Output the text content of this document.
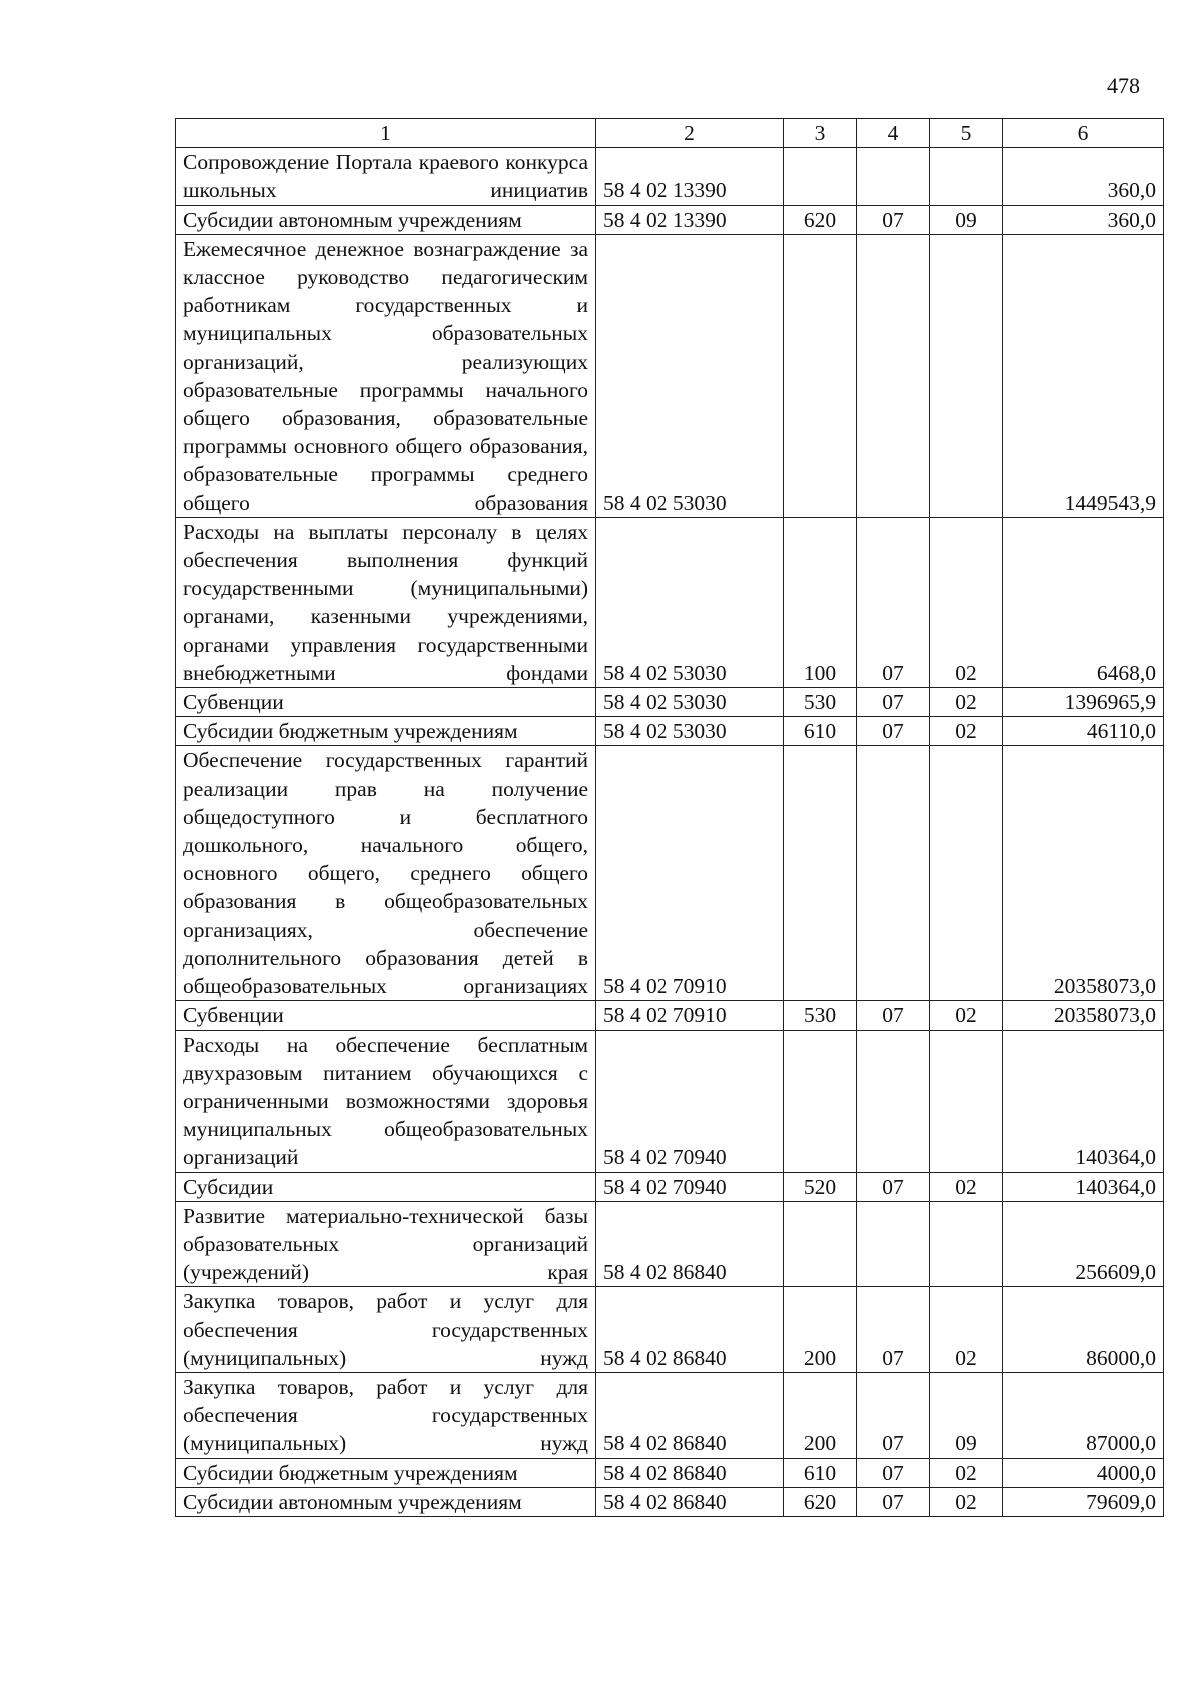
478
1	2	3	4	5	6
Сопровождение Портала краевого конкурса школьных инициатив	58 4 02 13390				360,0
Субсидии автономным учреждениям	58 4 02 13390	620	07	09	360,0
Ежемесячное денежное вознаграждение за классное руководство педагогическим работникам государственных и муниципальных образовательных организаций, реализующих образовательные программы начального общего образования, образовательные программы основного общего образования, образовательные программы среднего общего образования	58 4 02 53030				1449543,9
Расходы на выплаты персоналу в целях обеспечения выполнения функций государственными (муниципальными) органами, казенными учреждениями, органами управления государственными внебюджетными фондами	58 4 02 53030	100	07	02	6468,0
Субвенции	58 4 02 53030	530	07	02	1396965,9
Субсидии бюджетным учреждениям	58 4 02 53030	610	07	02	46110,0
Обеспечение государственных гарантий реализации прав на получение общедоступного и бесплатного дошкольного, начального общего, основного общего, среднего общего образования в общеобразовательных организациях, обеспечение дополнительного образования детей в общеобразовательных организациях	58 4 02 70910				20358073,0
Субвенции	58 4 02 70910	530	07	02	20358073,0
Расходы на обеспечение бесплатным двухразовым питанием обучающихся с ограниченными возможностями здоровья муниципальных общеобразовательных организаций	58 4 02 70940				140364,0
Субсидии	58 4 02 70940	520	07	02	140364,0
Развитие материально-технической базы образовательных организаций (учреждений) края	58 4 02 86840				256609,0
Закупка товаров, работ и услуг для обеспечения государственных (муниципальных) нужд	58 4 02 86840	200	07	02	86000,0
Закупка товаров, работ и услуг для обеспечения государственных (муниципальных) нужд	58 4 02 86840	200	07	09	87000,0
Субсидии бюджетным учреждениям	58 4 02 86840	610	07	02	4000,0
Субсидии автономным учреждениям	58 4 02 86840	620	07	02	79609,0
